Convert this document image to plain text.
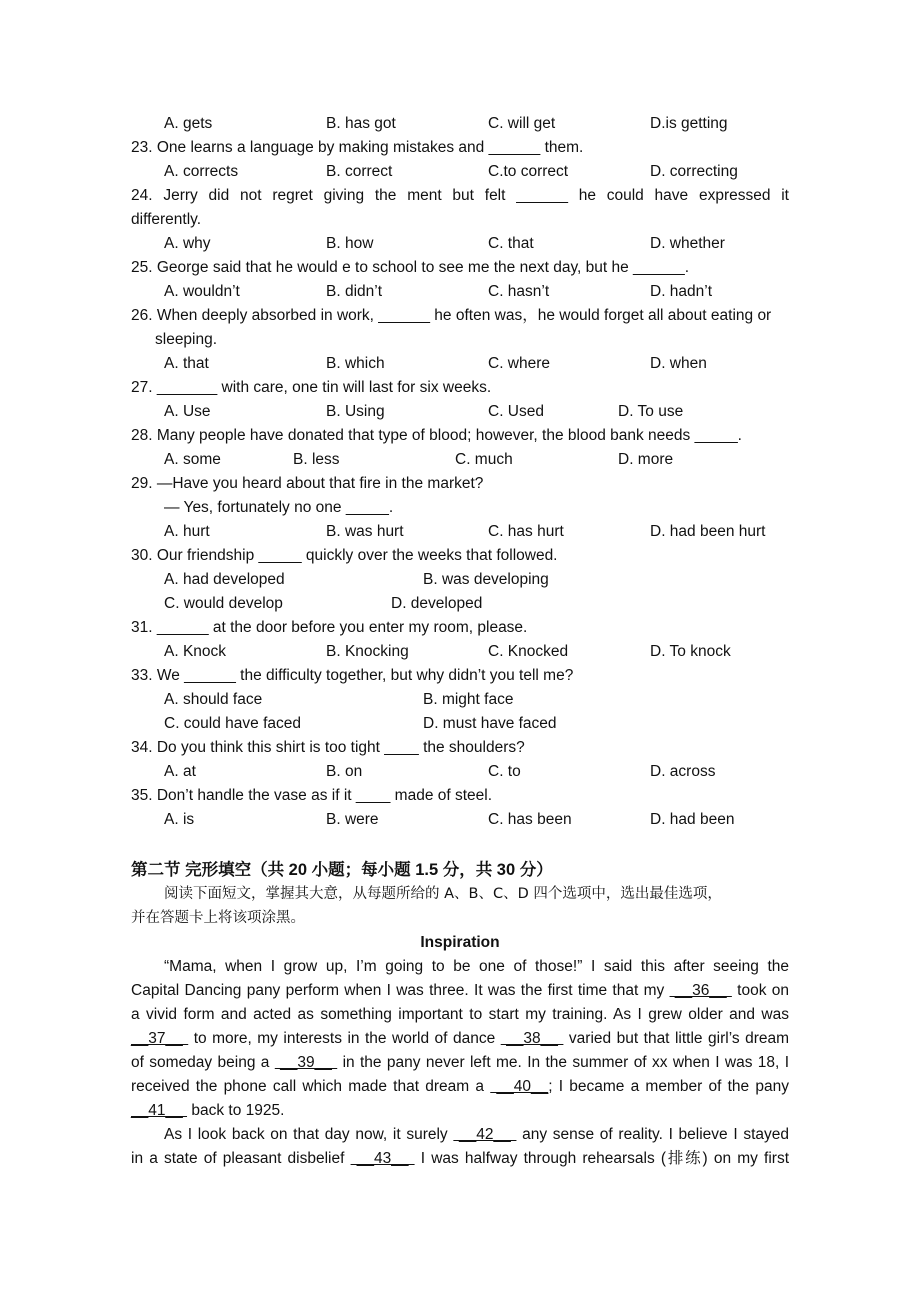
A. gets	B. has got	C. will get	D.is getting
23. One learns a language by making mistakes and ______ them.
A. corrects	B. correct	C.to correct	D. correcting
24. Jerry did not regret giving the ment but felt ______ he could have expressed it
differently.
A. why	B. how	C. that	D. whether
25. George said that he would e to school to see me the next day, but he ______.
A. wouldn’t	B. didn’t	C. hasn’t	D. hadn’t
26. When deeply absorbed in work, ______ he often was，he would forget all about eating or
sleeping.
A. that	B. which	C. where	D. when
27. _______ with care, one tin will last for six weeks.
A. Use	B. Using	C. Used	D. To use
28. Many people have donated that type of blood; however, the blood bank needs _____.
A. some	B. less	C. much	D. more
29. —Have you heard about that fire in the market?
— Yes, fortunately no one _____.
A. hurt	B. was hurt	C. has hurt	D. had been hurt
30. Our friendship _____ quickly over the weeks that followed.
A. had developed	B. was developing
C. would develop	D. developed
31. ______ at the door before you enter my room, please.
A. Knock	B. Knocking	C. Knocked	D. To knock
33. We ______ the difficulty together, but why didn’t you tell me?
A. should face	B. might face
C. could have faced	D. must have faced
34. Do you think this shirt is too tight ____ the shoulders?
A. at	B. on	C. to	D. across
35. Don’t handle the vase as if it ____ made of steel.
A. is	B. were	C. has been	D. had been
第二节 完形填空（共 20 小题；每小题 1.5 分，共 30 分）
阅读下面短文，掌握其大意，从每题所给的 A、B、C、D 四个选项中，选出最佳选项，
并在答题卡上将该项涂黑。
Inspiration
“Mama, when I grow up, I’m going to be one of those!” I said this after seeing the
Capital Dancing pany perform when I was three. It was the first time that my  __36__  took on
a vivid form and acted as something important to start my training. As I grew older and was
__37__  to more, my interests in the world of dance  __38__  varied but that little girl’s dream
of someday being a  __39__  in the pany never left me. In the summer of xx when I was 18, I
received the phone call which made that dream a  __40__; I became a member of the pany
__41__  back to 1925.
As I look back on that day now, it surely  __42__  any sense of reality. I believe I stayed
in a state of pleasant disbelief  __43__  I was halfway through rehearsals (排练) on my first
